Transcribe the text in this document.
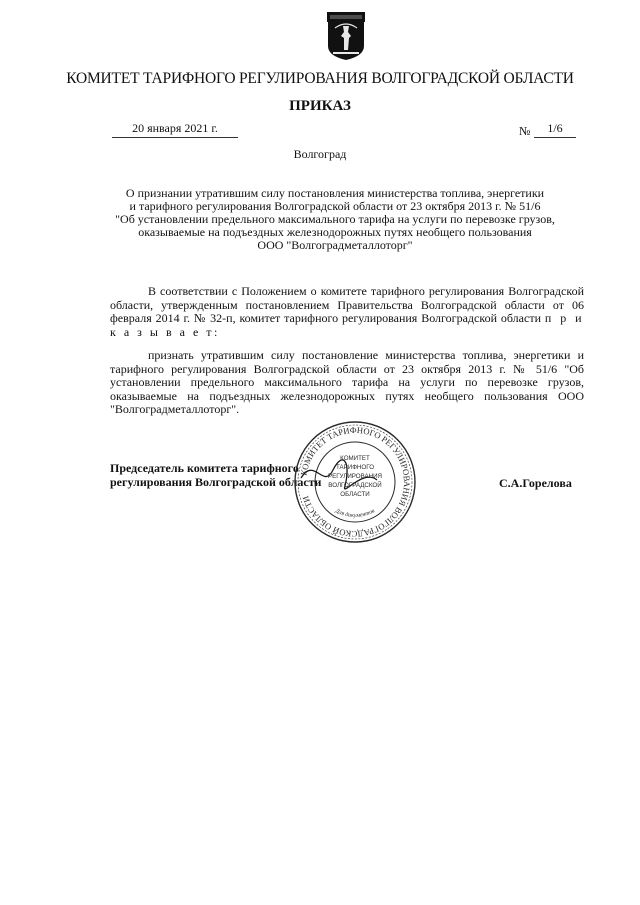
КОМИТЕТ ТАРИФНОГО РЕГУЛИРОВАНИЯ ВОЛГОГРАДСКОЙ ОБЛАСТИ
ПРИКАЗ
20 января 2021 г.	№	1/6
Волгоград
О признании утратившим силу постановления министерства топлива, энергетики
и тарифного регулирования Волгоградской области от 23 октября 2013 г. № 51/6
"Об установлении предельного максимального тарифа на услуги по перевозке грузов,
оказываемые на подъездных железнодорожных путях необщего пользования
ООО "Волгоградметаллоторг"
В соответствии с Положением о комитете тарифного регулирования Волгоградской области, утвержденным постановлением Правительства Волгоградской области от 06 февраля 2014 г. № 32-п, комитет тарифного регулирования Волгоградской области п р и к а з ы в а е т:
признать утратившим силу постановление министерства топлива, энергетики и тарифного регулирования Волгоградской области от 23 октября 2013 г. № 51/6 "Об установлении предельного максимального тарифа на услуги по перевозке грузов, оказываемые на подъездных железнодорожных путях необщего пользования ООО "Волгоградметаллоторг".
Председатель комитета тарифного
регулирования Волгоградской области	С.А.Горелова
КОМИТЕТ ТАРИФНОГО РЕГУЛИРОВАНИЯ ВОЛГОГРАДСКОЙ ОБЛАСТИ
КОМИТЕТ
ТАРИФНОГО
РЕГУЛИРОВАНИЯ
ВОЛГОГРАДСКОЙ
ОБЛАСТИ
Для документов
